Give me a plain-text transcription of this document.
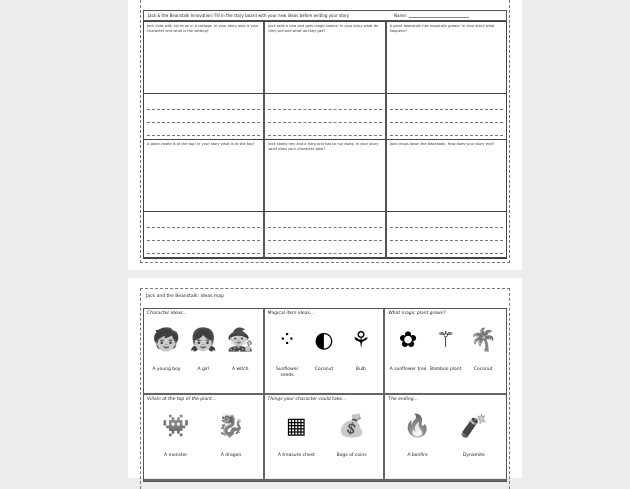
Jack & the Beanstalk Innovation: Fill in the story board with your new ideas before writing your story	Name:
Jack lives with his mum in a cottage. In your story who is your character and what is the setting?
Jack sells a cow and gets magic beans! In your story what do they sell and what do they get?
A giant beanstalk has magically grown! In your story what happens?
A giant castle is at the top! In your story what is at the top?	Jack steals hen and a harp and has to run away. In your story what does your character take?
Jack chops down the beanstalk. How does your story end?
Jack and the Beanstalk: Ideas map
Character ideas...
🧒
A young boy
👧
A girl
🧙
A witch
Magical item ideas...
⁘
Sunflower seeds
◐
Coconut
⚘
Bulb
What magic plant grows?
✿
A sunflower tree
⚚
Bamboo plant
🌴
Coconut
Villain at the top of the plant...
👾
A monster
🐉
A dragon
Things your character could take...
▦
A treasure chest
💰
Bags of coins
The ending...
🔥
A bonfire
🧨
Dynamite
